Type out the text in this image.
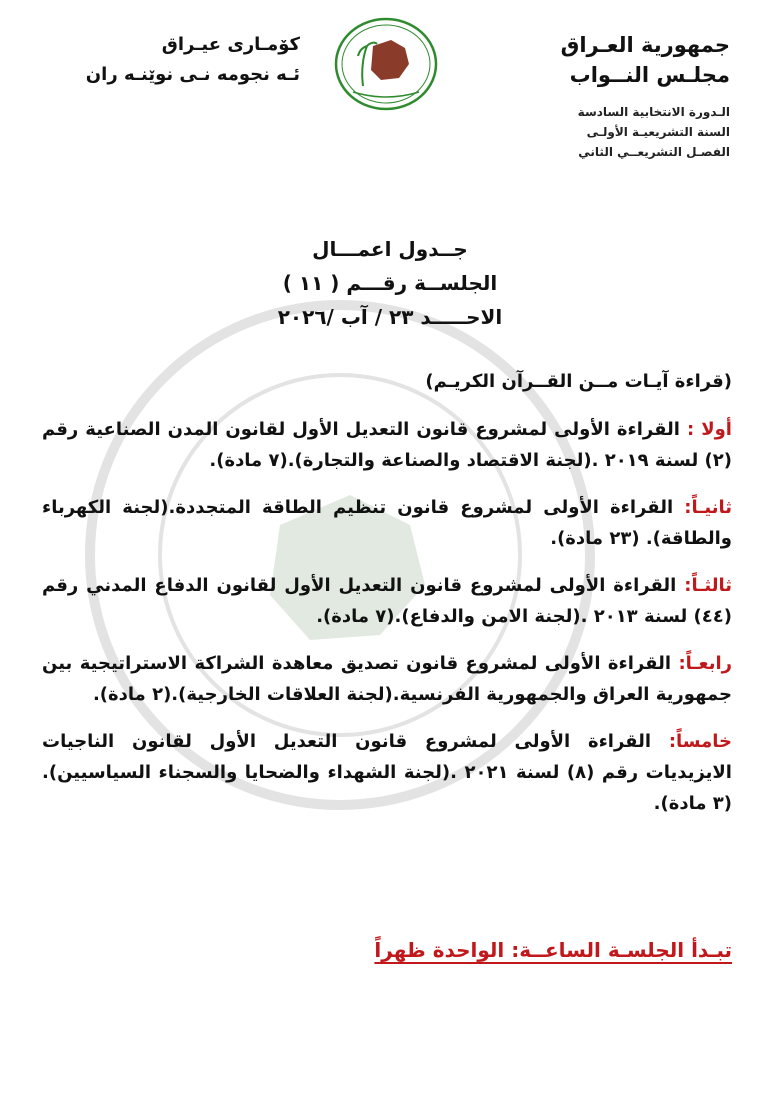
جمهورية العـراق
مجلـس النــواب
الـدورة الانتخابية السادسة
السنة التشريعيـة الأولـى
الفصـل التشريعــي الثاني
كۆمـارى عيـراق
ئـه نجومه نـی نوێنـه ران
جــدول اعمـــال
الجلســة رقـــم ( ١١ )
الاحـــــد ٢٣ / آب /٢٠٢٦
(قراءة آيـات مــن القــرآن الكريـم)
أولا : القراءة الأولى لمشروع قانون التعديل الأول لقانون المدن الصناعية رقم (٢) لسنة ٢٠١٩ .(لجنة الاقتصاد والصناعة والتجارة).(٧ مادة).
ثانيـاً: القراءة الأولى لمشروع قانون تنظيم الطاقة المتجددة.(لجنة الكهرباء والطاقة). (٢٣ مادة).
ثالثـاً: القراءة الأولى لمشروع قانون التعديل الأول لقانون الدفاع المدني رقم (٤٤) لسنة ٢٠١٣ .(لجنة الامن والدفاع).(٧ مادة).
رابعـاً: القراءة الأولى لمشروع قانون تصديق معاهدة الشراكة الاستراتيجية بين جمهورية العراق والجمهورية الفرنسية.(لجنة العلاقات الخارجية).(٢ مادة).
خامساً: القراءة الأولى لمشروع قانون التعديل الأول لقانون الناجيات الايزيديات رقم (٨) لسنة ٢٠٢١ .(لجنة الشهداء والضحايا والسجناء السياسيين).(٣ مادة).
تبـدأ الجلسـة الساعــة: الواحدة ظهراً
